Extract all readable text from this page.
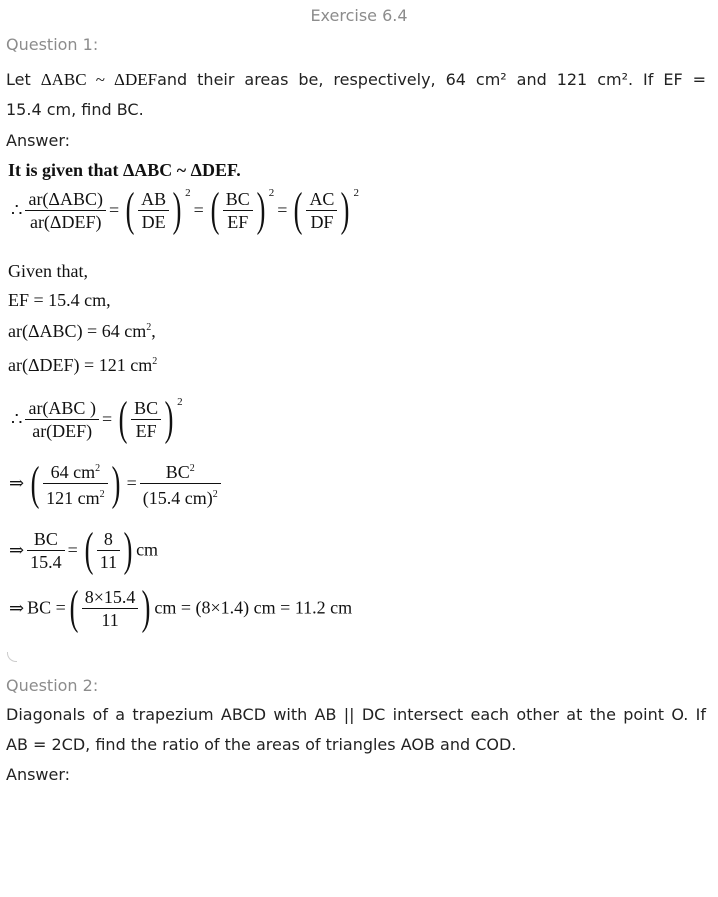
Exercise 6.4
Question 1:
Let ΔABC ~ ΔDEFand their areas be, respectively, 64 cm² and 121 cm². If EF =
15.4 cm, find BC.
Answer:
It is given that ΔABC ~ ΔDEF.
∴ $\frac{\text{ar(ΔABC)}}{\text{ar(ΔDEF)}}$ = ( $\frac{AB}{DE}$ ) $^2$= ( $\frac{BC}{EF}$ ) $^2$= ( $\frac{AC}{DF}$ ) $^2$
Given that,
EF = 15.4 cm,
ar(ΔABC) = 64 $cm^2$,
ar(ΔDEF) = 121 $cm^2$
∴ $\frac{\text{ar(ABC )}}{\text{ar(DEF)}}$ = ( $\frac{BC}{EF}$ ) $^2$
⇒ ( $\frac{64 cm^2}{121 cm^2}$ ) = $\frac{BC^2}{(15.4 cm)^2}$
⇒ $\frac{BC}{15.4}$ = ( $\frac{8}{11}$ ) cm
⇒ BC =( $\frac{8\times 15.4}{11}$ ) cm = (8×1.4) cm = 11.2 cm
Question 2:
Diagonals of a trapezium ABCD with AB || DC intersect each other at the point O. If
AB = 2CD, find the ratio of the areas of triangles AOB and COD.
Answer:
